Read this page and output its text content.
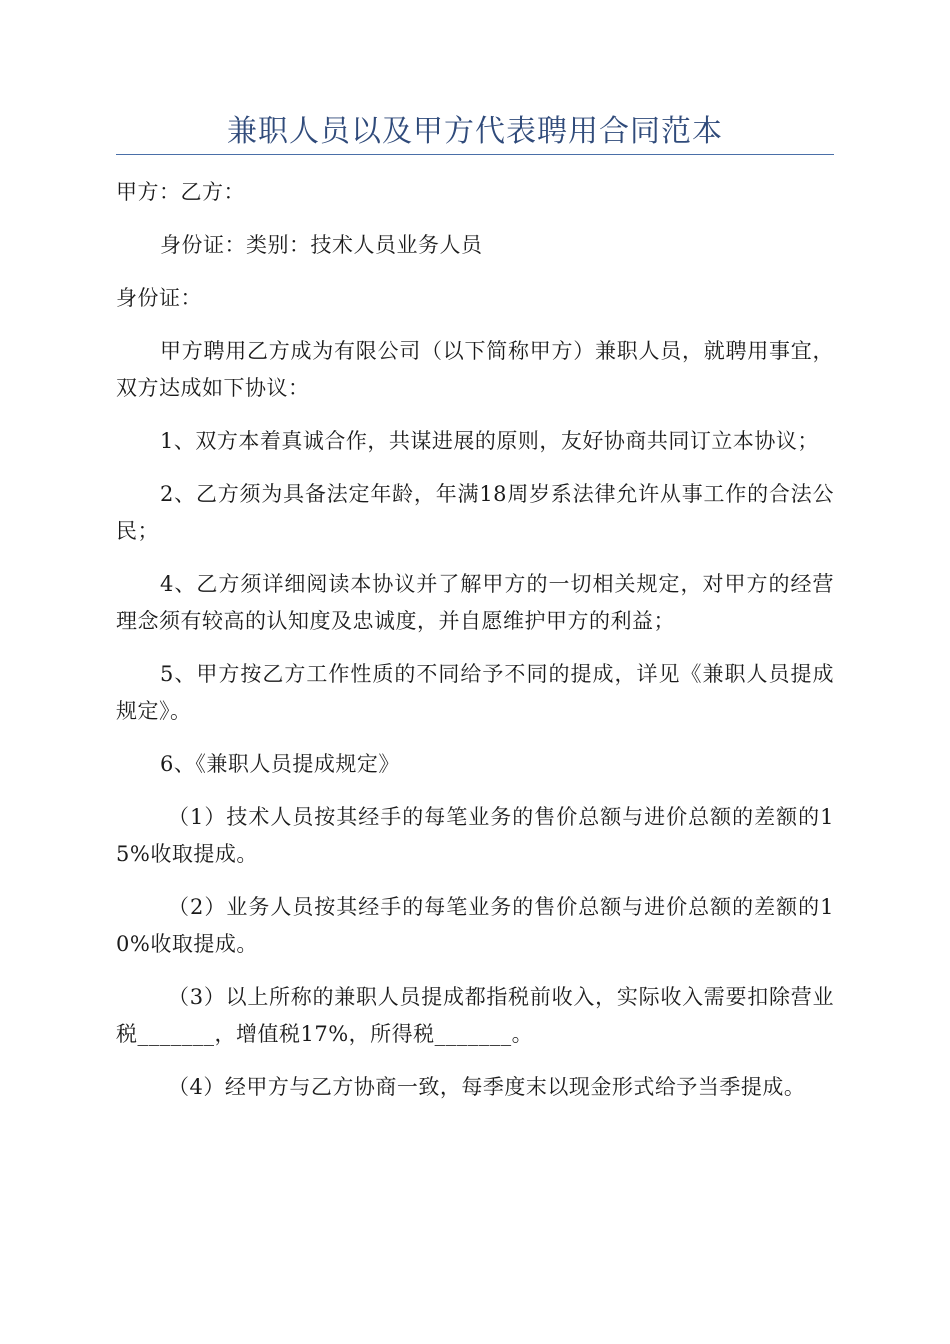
兼职人员以及甲方代表聘用合同范本

甲方：乙方：

身份证：类别：技术人员业务人员

身份证：

甲方聘用乙方成为有限公司（以下简称甲方）兼职人员，就聘用事宜，双方达成如下协议：

1、双方本着真诚合作，共谋进展的原则，友好协商共同订立本协议；

2、乙方须为具备法定年龄，年满18周岁系法律允许从事工作的合法公民；

4、乙方须详细阅读本协议并了解甲方的一切相关规定，对甲方的经营理念须有较高的认知度及忠诚度，并自愿维护甲方的利益；

5、甲方按乙方工作性质的不同给予不同的提成，详见《兼职人员提成规定》。

6、《兼职人员提成规定》

（1）技术人员按其经手的每笔业务的售价总额与进价总额的差额的15%收取提成。

（2）业务人员按其经手的每笔业务的售价总额与进价总额的差额的10%收取提成。

（3）以上所称的兼职人员提成都指税前收入，实际收入需要扣除营业税_______，增值税17%，所得税_______。

（4）经甲方与乙方协商一致，每季度末以现金形式给予当季提成。
